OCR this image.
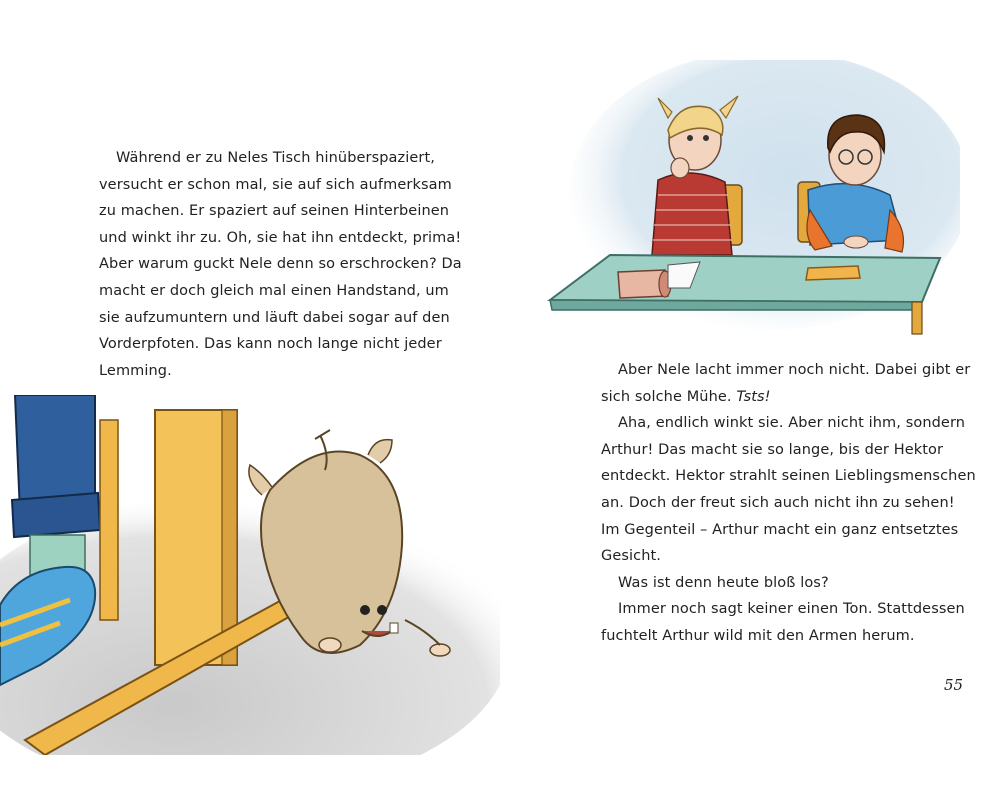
Während er zu Neles Tisch hinüberspaziert,
versucht er schon mal, sie auf sich aufmerksam
zu machen. Er spaziert auf seinen Hinterbeinen
und winkt ihr zu. Oh, sie hat ihn entdeckt, prima!
Aber warum guckt Nele denn so erschrocken? Da
macht er doch gleich mal einen Handstand, um
sie aufzumuntern und läuft dabei sogar auf den
Vorderpfoten. Das kann noch lange nicht jeder
Lemming.	Aber Nele lacht immer noch nicht. Dabei gibt er
sich solche Mühe. Tsts!
Aha, endlich winkt sie. Aber nicht ihm, sondern
Arthur! Das macht sie so lange, bis der Hektor
entdeckt. Hektor strahlt seinen Lieblingsmenschen
an. Doch der freut sich auch nicht ihn zu sehen!
Im Gegenteil – Arthur macht ein ganz entsetztes
Gesicht.
Was ist denn heute bloß los?
Immer noch sagt keiner einen Ton. Stattdessen
fuchtelt Arthur wild mit den Armen herum.
55
